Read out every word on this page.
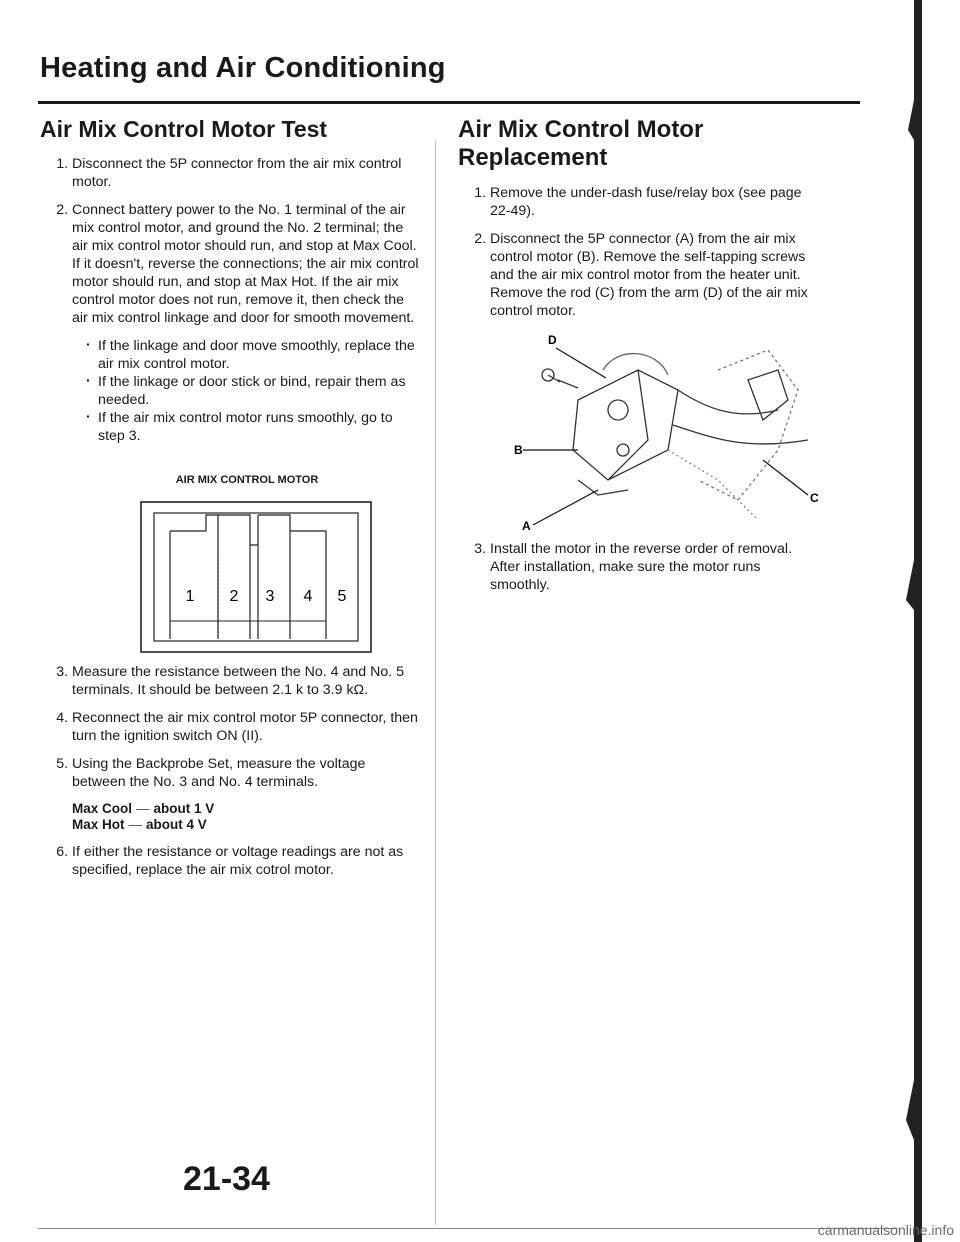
Heating and Air Conditioning
Air Mix Control Motor Test
1. Disconnect the 5P connector from the air mix control motor.
2. Connect battery power to the No. 1 terminal of the air mix control motor, and ground the No. 2 terminal; the air mix control motor should run, and stop at Max Cool. If it doesn't, reverse the connections; the air mix control motor should run, and stop at Max Hot. If the air mix control motor does not run, remove it, then check the air mix control linkage and door for smooth movement.
· If the linkage and door move smoothly, replace the air mix control motor.
· If the linkage or door stick or bind, repair them as needed.
· If the air mix control motor runs smoothly, go to step 3.
AIR MIX CONTROL MOTOR
1 2 3 4 5
3. Measure the resistance between the No. 4 and No. 5 terminals. It should be between 2.1 k to 3.9 kΩ.
4. Reconnect the air mix control motor 5P connector, then turn the ignition switch ON (II).
5. Using the Backprobe Set, measure the voltage between the No. 3 and No. 4 terminals.
Max Cool — about 1 V
Max Hot — about 4 V
6. If either the resistance or voltage readings are not as specified, replace the air mix cotrol motor.
Air Mix Control Motor Replacement
1. Remove the under-dash fuse/relay box (see page 22-49).
2. Disconnect the 5P connector (A) from the air mix control motor (B). Remove the self-tapping screws and the air mix control motor from the heater unit. Remove the rod (C) from the arm (D) of the air mix control motor.
D
B
C
A
3. Install the motor in the reverse order of removal. After installation, make sure the motor runs smoothly.
21-34
carmanualsonline.info
